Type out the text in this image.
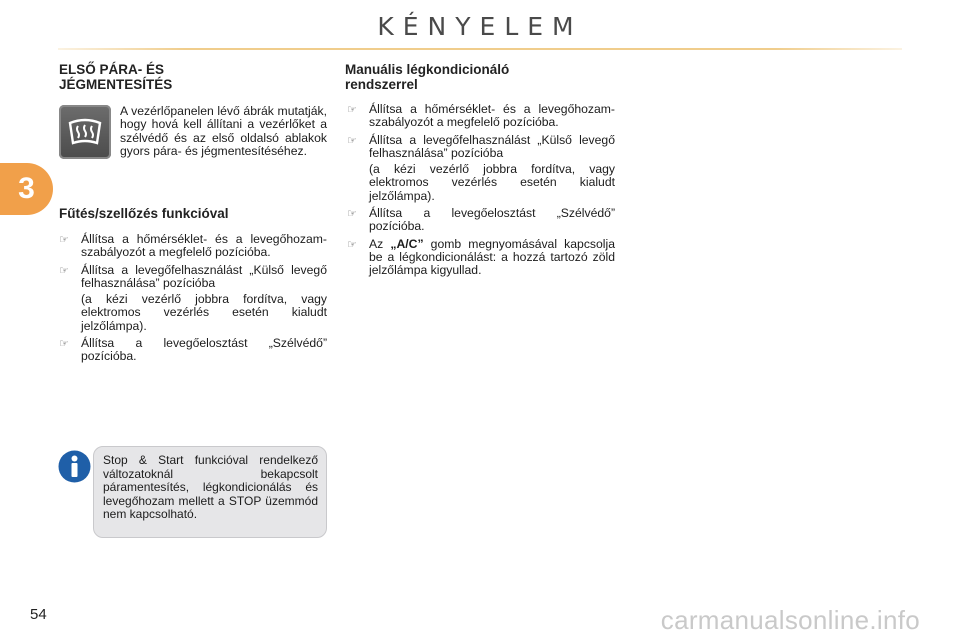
KÉNYELEM
3
ELSŐ PÁRA- ÉS
JÉGMENTESÍTÉS

A vezérlőpanelen lévő ábrák mutatják, hogy hová kell állítani a vezérlőket a szélvédő és az első oldalsó ablakok gyors pára- és jégmentesítéséhez.

Fűtés/szellőzés funkcióval
☞ Állítsa a hőmérséklet- és a levegőhozam-szabályozót a megfelelő pozícióba.
☞ Állítsa a levegőfelhasználást „Külső levegő felhasználása” pozícióba
(a kézi vezérlő jobbra fordítva, vagy elektromos vezérlés esetén kialudt jelzőlámpa).
☞ Állítsa a levegőelosztást „Szélvédő” pozícióba.

Stop & Start funkcióval rendelkező változatoknál bekapcsolt páramentesítés, légkondicionálás és levegőhozam mellett a STOP üzemmód nem kapcsolható.

Manuális légkondicionáló
rendszerrel
☞ Állítsa a hőmérséklet- és a levegőhozam-szabályozót a megfelelő pozícióba.
☞ Állítsa a levegőfelhasználást „Külső levegő felhasználása” pozícióba
(a kézi vezérlő jobbra fordítva, vagy elektromos vezérlés esetén kialudt jelzőlámpa).
☞ Állítsa a levegőelosztást „Szélvédő” pozícióba.
☞ Az „A/C” gomb megnyomásával kapcsolja be a légkondicionálást: a hozzá tartozó zöld jelzőlámpa kigyullad.
54	carmanualsonline.info
